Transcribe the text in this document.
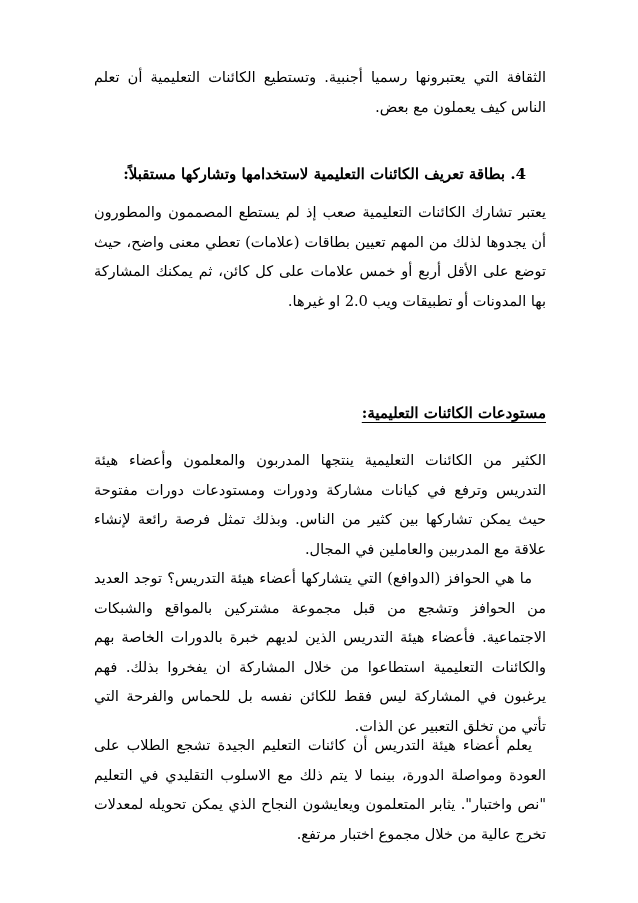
الثقافة التي يعتبرونها رسميا أجنبية. وتستطيع الكائنات التعليمية أن تعلم الناس كيف يعملون مع بعض.

4. بطاقة تعريف الكائنات التعليمية لاستخدامها وتشاركها مستقبلاً:

يعتبر تشارك الكائنات التعليمية صعب إذ لم يستطع المصممون والمطورون أن يجدوها لذلك من المهم تعيين بطاقات (علامات) تعطي معنى واضح، حيث توضع على الأقل أربع أو خمس علامات على كل كائن، ثم يمكنك المشاركة بها المدونات أو تطبيقات ويب 2.0 او غيرها.

مستودعات الكائنات التعليمية:

الكثير من الكائنات التعليمية ينتجها المدربون والمعلمون وأعضاء هيئة التدريس وترفع في كيانات مشاركة ودورات ومستودعات دورات مفتوحة حيث يمكن تشاركها بين كثير من الناس. وبذلك تمثل فرصة رائعة لإنشاء علاقة مع المدربين والعاملين في المجال.

ما هي الحوافز (الدوافع) التي يتشاركها أعضاء هيئة التدريس؟ توجد العديد من الحوافز وتشجع من قبل مجموعة مشتركين بالمواقع والشبكات الاجتماعية. فأعضاء هيئة التدريس الذين لديهم خبرة بالدورات الخاصة بهم والكائنات التعليمية استطاعوا من خلال المشاركة ان يفخروا بذلك. فهم يرغبون في المشاركة ليس فقط للكائن نفسه بل للحماس والفرحة التي تأتي من تخلق التعبير عن الذات.

يعلم أعضاء هيئة التدريس أن كائنات التعليم الجيدة تشجع الطلاب على العودة ومواصلة الدورة، بينما لا يتم ذلك مع الاسلوب التقليدي في التعليم "نص واختبار". يثابر المتعلمون ويعايشون النجاح الذي يمكن تحويله لمعدلات تخرج عالية من خلال مجموع اختبار مرتفع.
